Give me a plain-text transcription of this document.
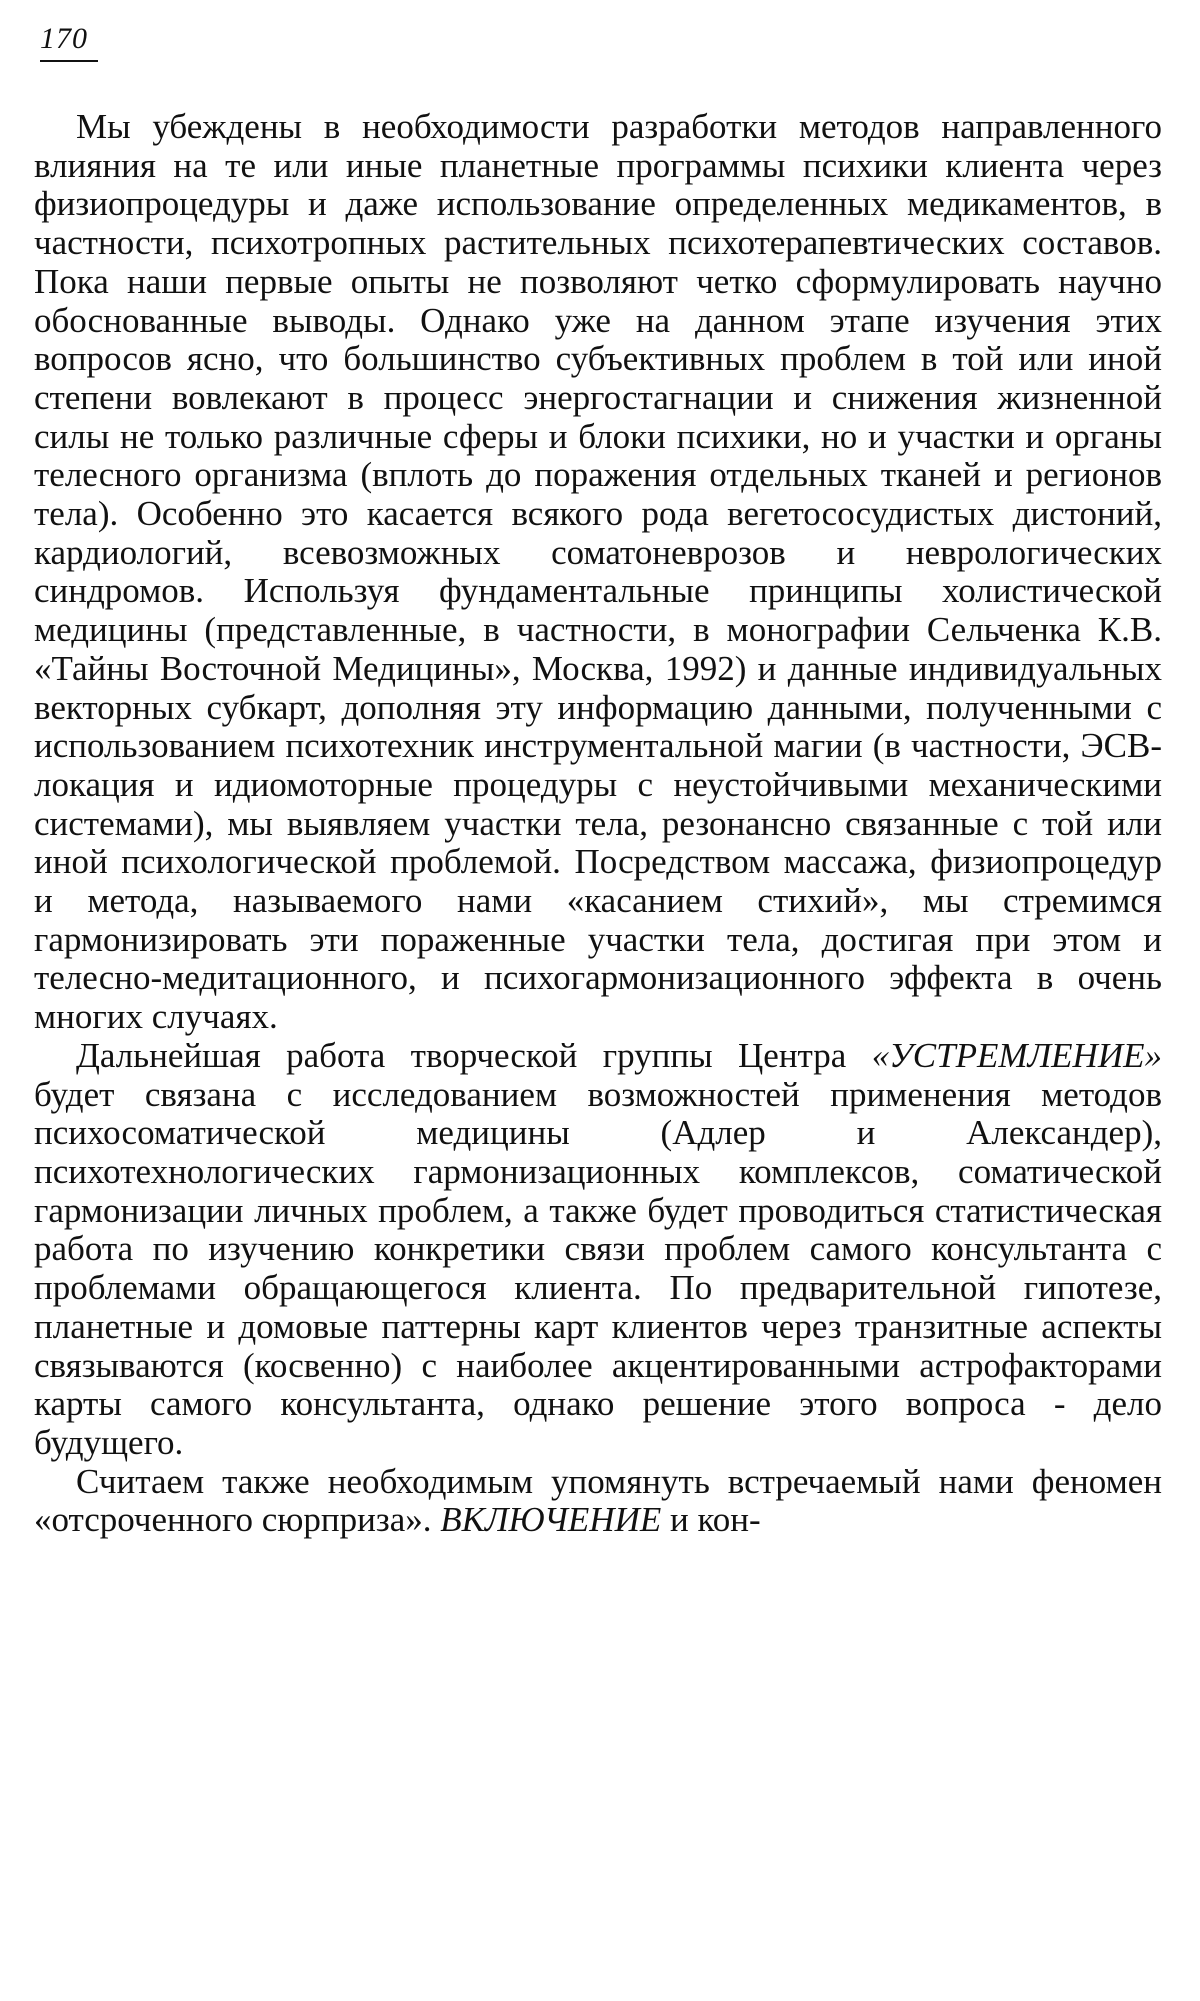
170

Мы убеждены в необходимости разработки методов направленного влияния на те или иные планетные программы психики клиента через физиопроцедуры и даже использование определенных медикаментов, в частности, психотропных растительных психотерапевтических составов. Пока наши первые опыты не позволяют четко сформулировать научно обоснованные выводы. Однако уже на данном этапе изучения этих вопросов ясно, что большинство субъективных проблем в той или иной степени вовлекают в процесс энергостагнации и снижения жизненной силы не только различные сферы и блоки психики, но и участки и органы телесного организма (вплоть до поражения отдельных тканей и регионов тела). Особенно это касается всякого рода вегетососудистых дистоний, кардиологий, всевозможных соматоневрозов и неврологических синдромов. Используя фундаментальные принципы холистической медицины (представленные, в частности, в монографии Сельченка К.В. «Тайны Восточной Медицины», Москва, 1992) и данные индивидуальных векторных субкарт, дополняя эту информацию данными, полученными с использованием психотехник инструментальной магии (в частности, ЭСВ-локация и идиомоторные процедуры с неустойчивыми механическими системами), мы выявляем участки тела, резонансно связанные с той или иной психологической проблемой. Посредством массажа, физиопроцедур и метода, называемого нами «касанием стихий», мы стремимся гармонизировать эти пораженные участки тела, достигая при этом и телесно-медитационного, и психогармонизационного эффекта в очень многих случаях.

Дальнейшая работа творческой группы Центра «УСТРЕМЛЕНИЕ» будет связана с исследованием возможностей применения методов психосоматической медицины (Адлер и Александер), психотехнологических гармонизационных комплексов, соматической гармонизации личных проблем, а также будет проводиться статистическая работа по изучению конкретики связи проблем самого консультанта с проблемами обращающегося клиента. По предварительной гипотезе, планетные и домовые паттерны карт клиентов через транзитные аспекты связываются (косвенно) с наиболее акцентированными астрофакторами карты самого консультанта, однако решение этого вопроса - дело будущего.

Считаем также необходимым упомянуть встречаемый нами феномен «отсроченного сюрприза». ВКЛЮЧЕНИЕ и кон-
